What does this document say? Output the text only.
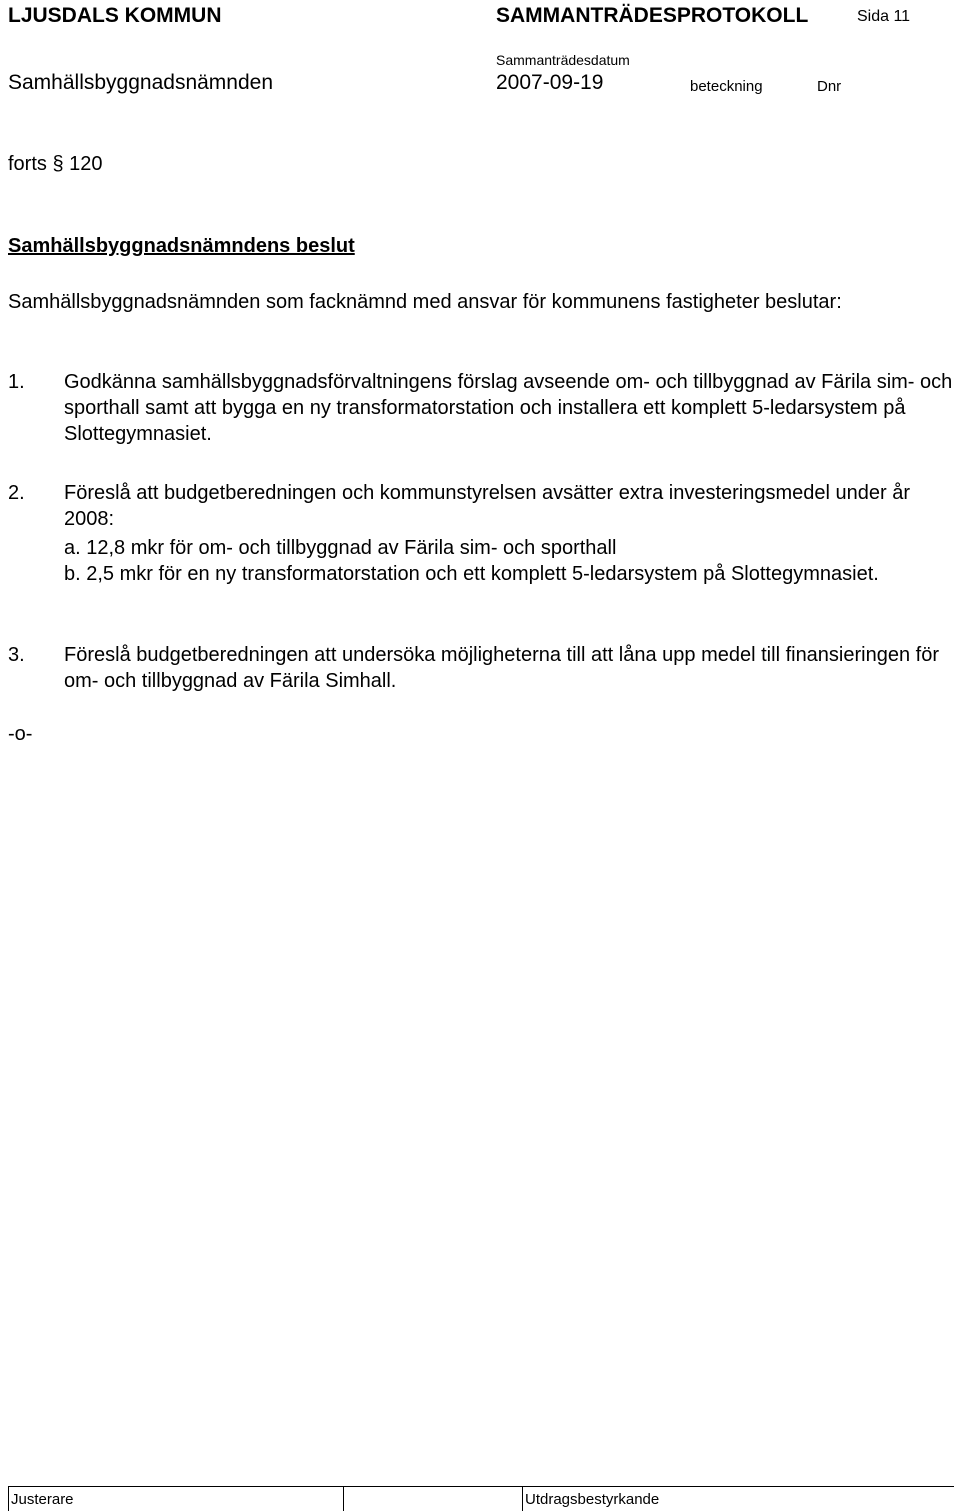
LJUSDALS KOMMUN	SAMMANTRÄDESPROTOKOLL	Sida 11
Sammanträdesdatum
Samhällsbyggnadsnämnden	2007-09-19	beteckning	Dnr
forts § 120
Samhällsbyggnadsnämndens beslut
Samhällsbyggnadsnämnden som facknämnd med ansvar för kommunens fastigheter beslutar:
1. Godkänna samhällsbyggnadsförvaltningens förslag avseende om- och tillbyggnad av Färila sim- och sporthall samt att bygga en ny transformatorstation och installera ett komplett 5-ledarsystem på Slottegymnasiet.
2. Föreslå att budgetberedningen och kommunstyrelsen avsätter extra investeringsmedel under år 2008:
a. 12,8 mkr för om- och tillbyggnad av Färila sim- och sporthall
b. 2,5 mkr för en ny transformatorstation och ett komplett 5-ledarsystem på Slottegymnasiet.
3. Föreslå budgetberedningen att undersöka möjligheterna till att låna upp medel till finansieringen för om- och tillbyggnad av Färila Simhall.
-o-
Justerare	Utdragsbestyrkande
